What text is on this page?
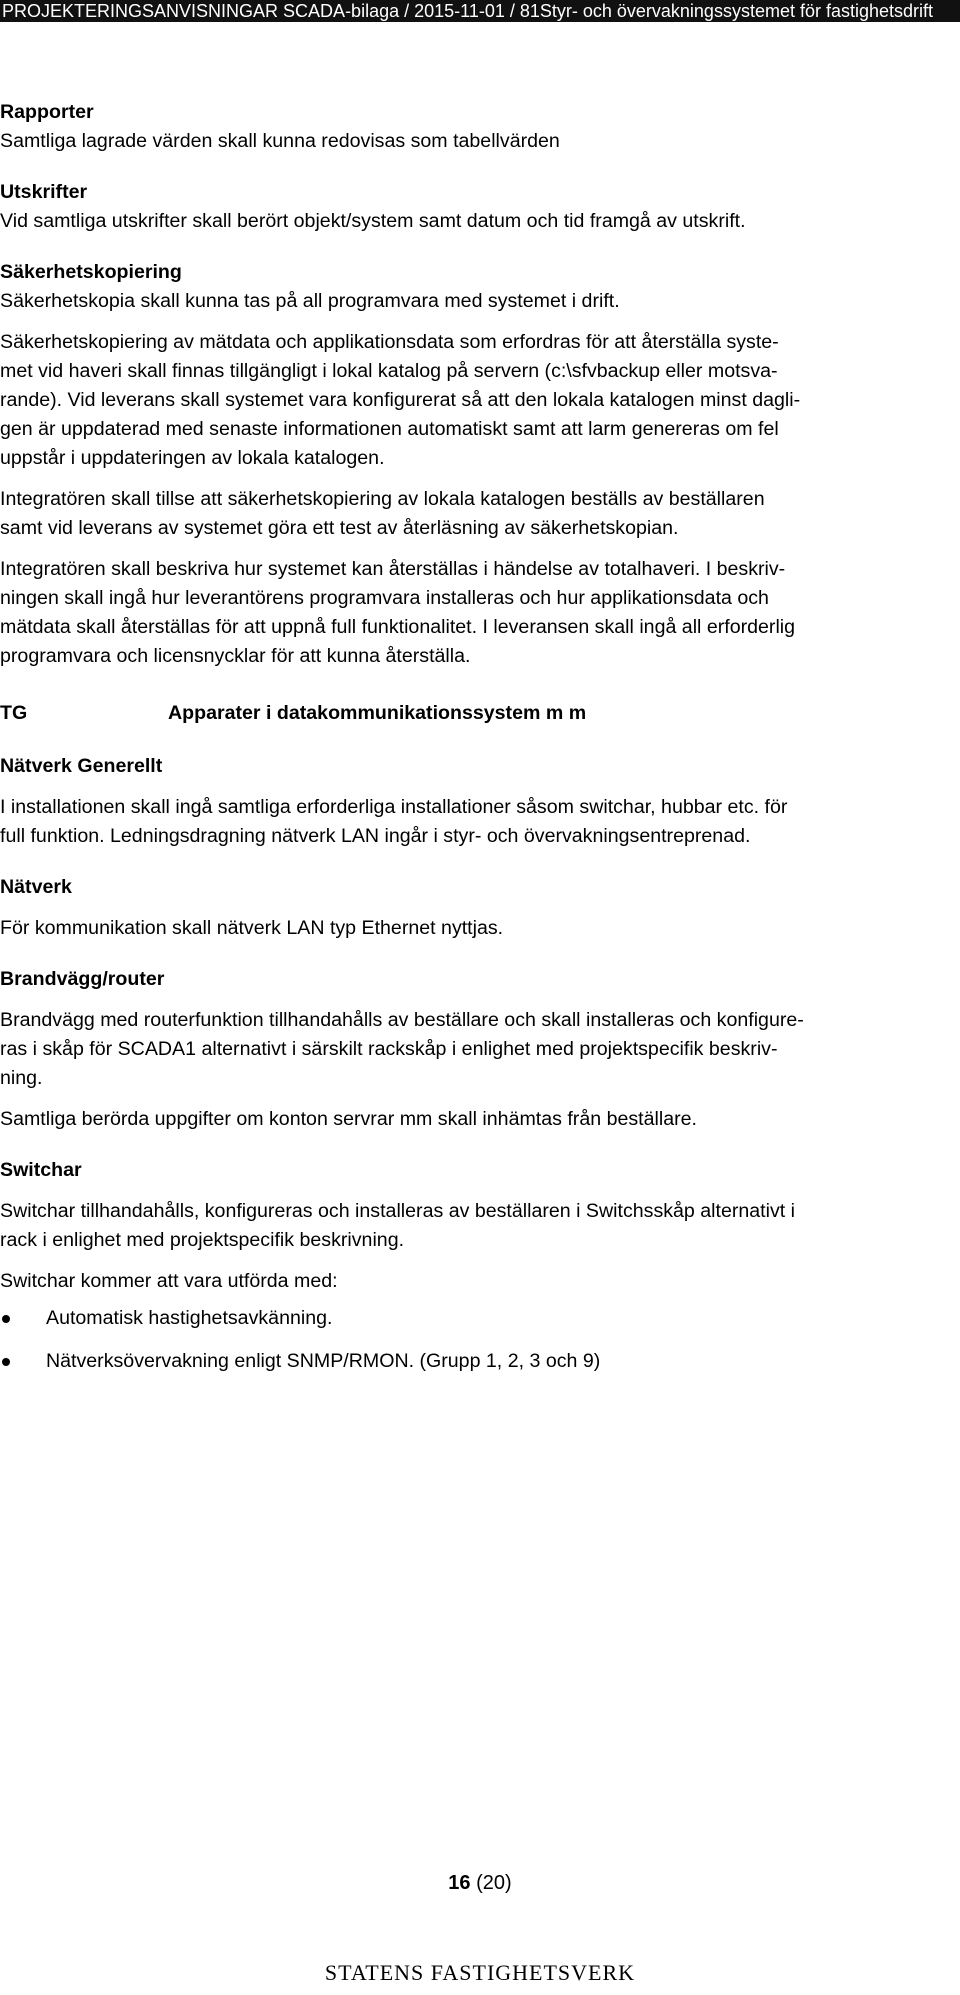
PROJEKTERINGSANVISNINGAR SCADA-bilaga / 2015-11-01 / 81Styr- och övervakningssystemet för fastighetsdrift

Rapporter

Samtliga lagrade värden skall kunna redovisas som tabellvärden

Utskrifter

Vid samtliga utskrifter skall berört objekt/system samt datum och tid framgå av utskrift.

Säkerhetskopiering

Säkerhetskopia skall kunna tas på all programvara med systemet i drift.

Säkerhetskopiering av mätdata och applikationsdata som erfordras för att återställa syste-
met vid haveri skall finnas tillgängligt i lokal katalog på servern (c:\sfvbackup eller motsva-
rande). Vid leverans skall systemet vara konfigurerat så att den lokala katalogen minst dagli-
gen är uppdaterad med senaste informationen automatiskt samt att larm genereras om fel
uppstår i uppdateringen av lokala katalogen.
Integratören skall tillse att säkerhetskopiering av lokala katalogen beställs av beställaren
samt vid leverans av systemet göra ett test av återläsning av säkerhetskopian.
Integratören skall beskriva hur systemet kan återställas i händelse av totalhaveri. I beskriv-
ningen skall ingå hur leverantörens programvara installeras och hur applikationsdata och
mätdata skall återställas för att uppnå full funktionalitet. I leveransen skall ingå all erforderlig
programvara och licensnycklar för att kunna återställa.
TG	Apparater i datakommunikationssystem m m

Nätverk Generellt

I installationen skall ingå samtliga erforderliga installationer såsom switchar, hubbar etc. för
full funktion. Ledningsdragning nätverk LAN ingår i styr- och övervakningsentreprenad.

Nätverk

För kommunikation skall nätverk LAN typ Ethernet nyttjas.

Brandvägg/router

Brandvägg med routerfunktion tillhandahålls av beställare och skall installeras och konfigure-
ras i skåp för SCADA1 alternativt i särskilt rackskåp i enlighet med projektspecifik beskriv-
ning.

Samtliga berörda uppgifter om konton servrar mm skall inhämtas från beställare.

Switchar

Switchar tillhandahålls, konfigureras och installeras av beställaren i Switchsskåp alternativt i
rack i enlighet med projektspecifik beskrivning.

Switchar kommer att vara utförda med:

Automatisk hastighetsavkänning.
Nätverksövervakning enligt SNMP/RMON. (Grupp 1, 2, 3 och 9)
16 (20)
STATENS FASTIGHETSVERK
